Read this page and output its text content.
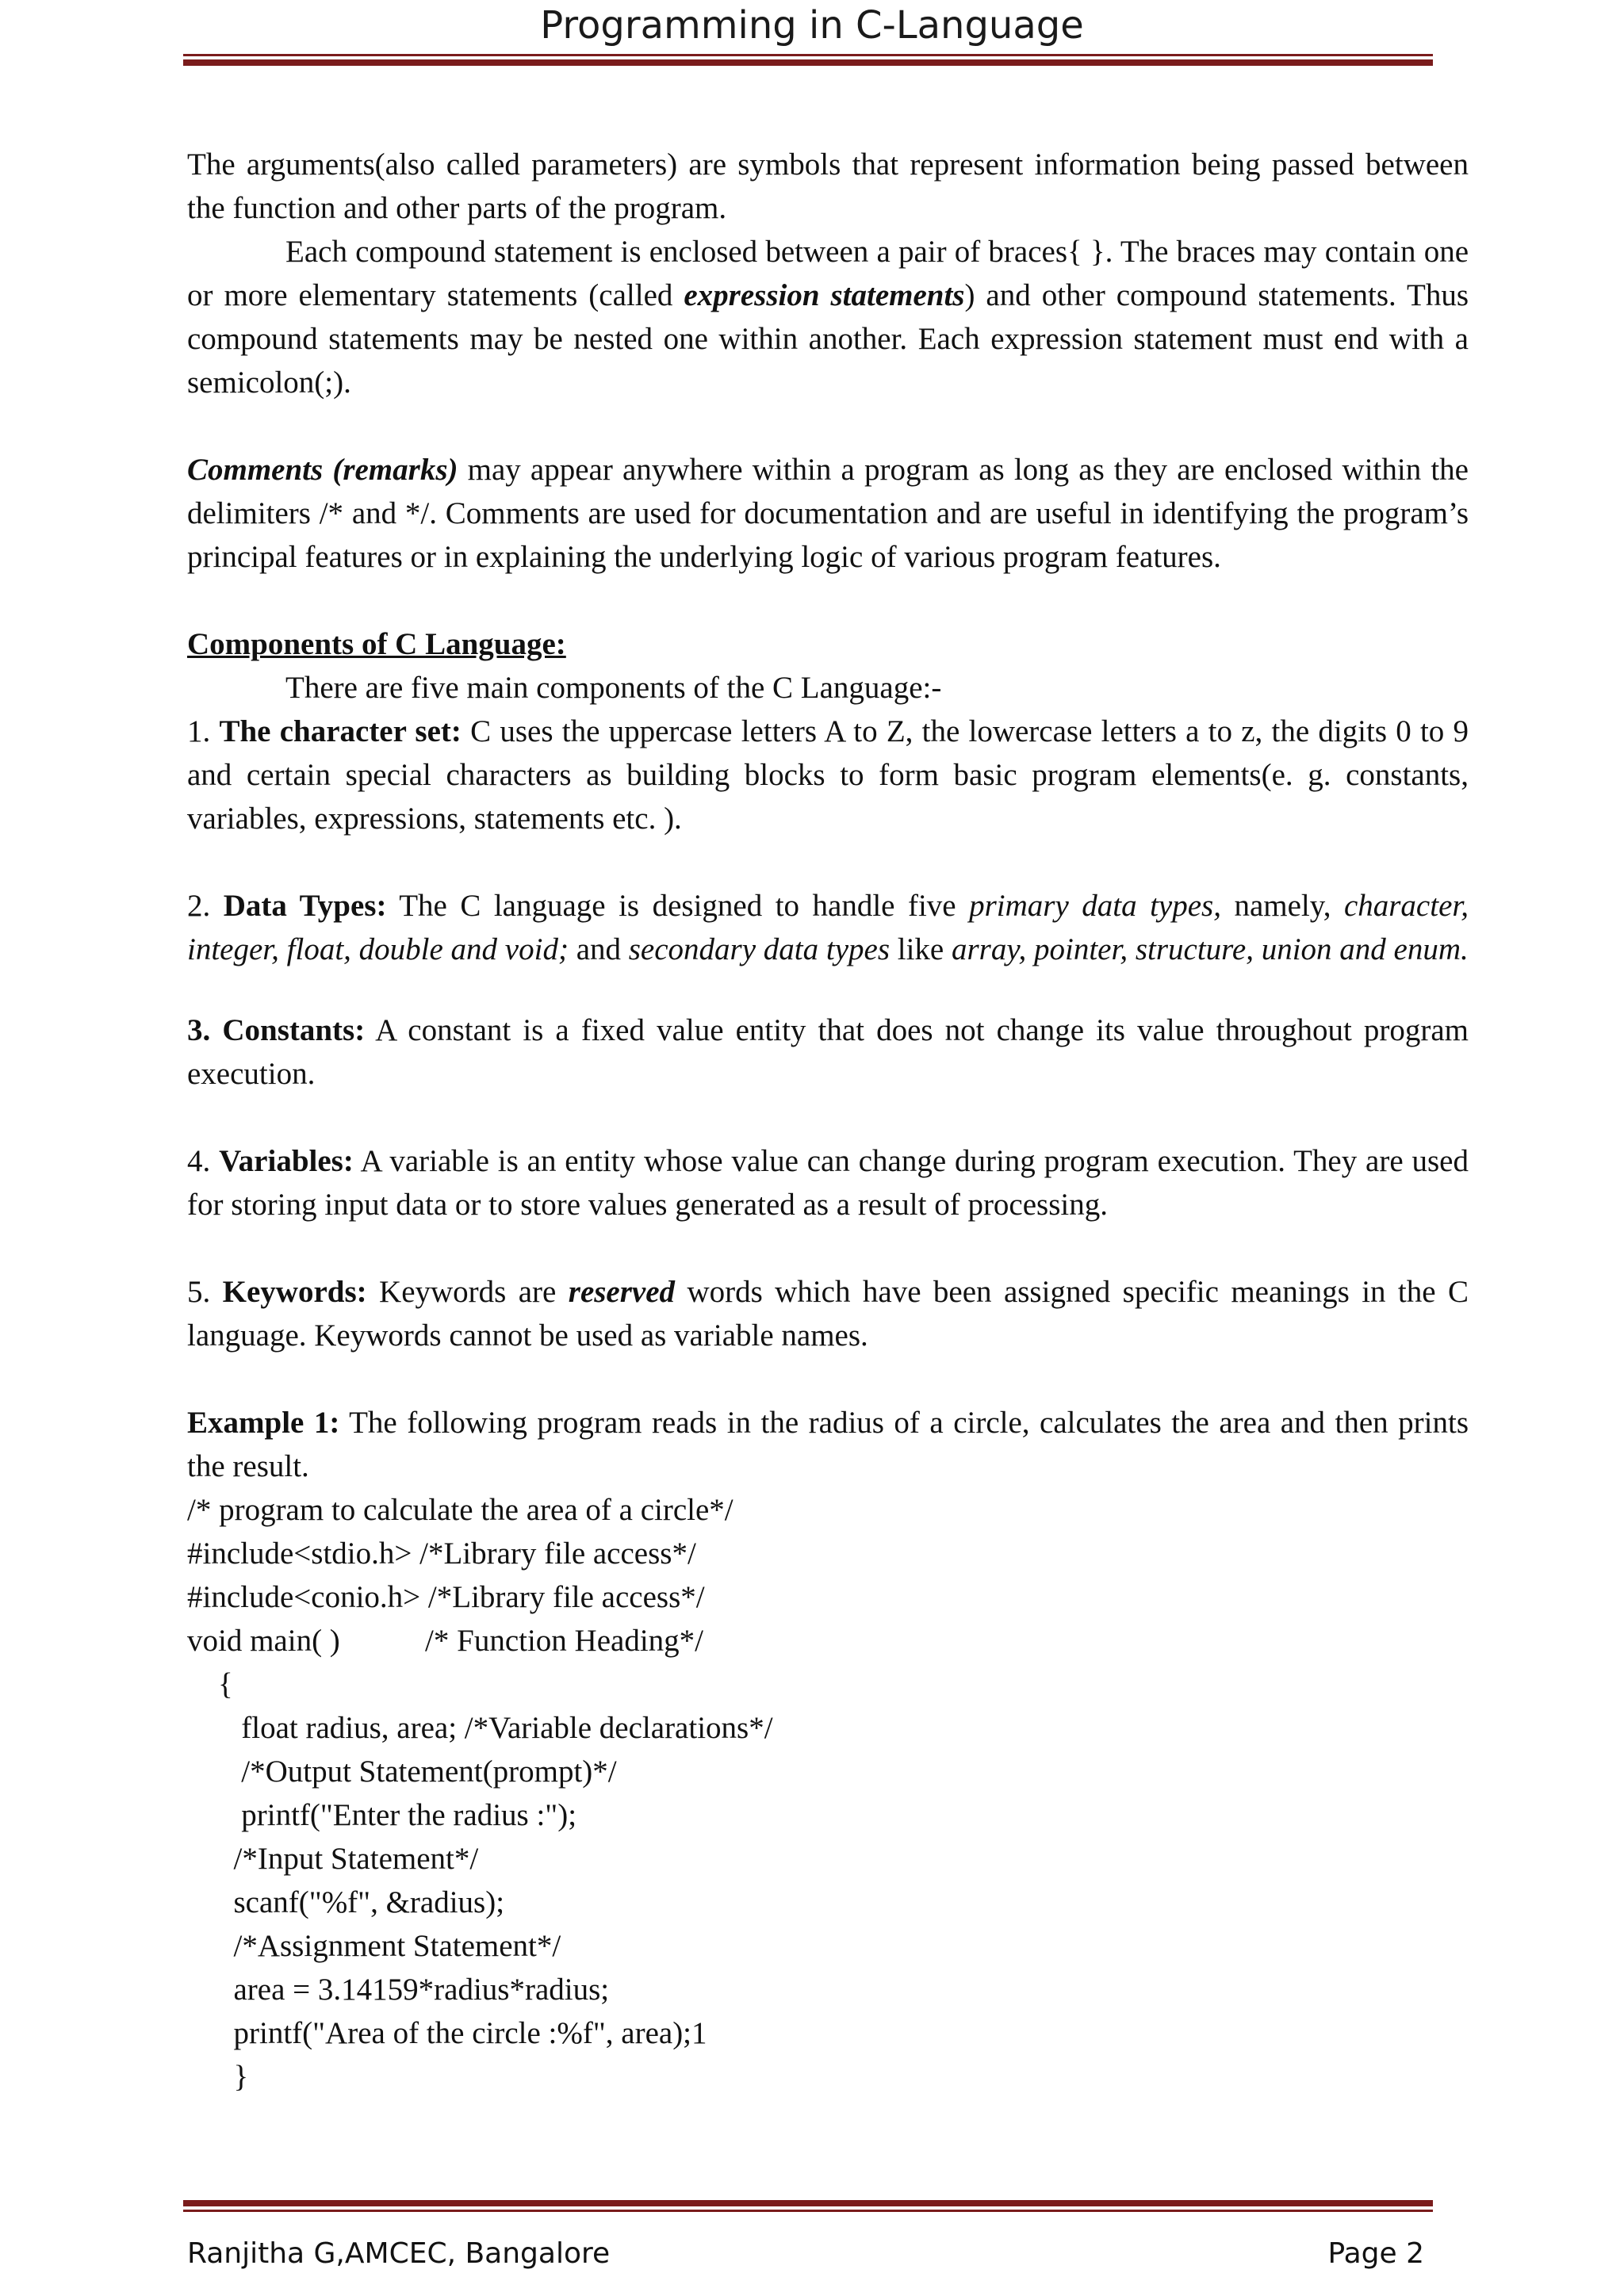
Programming in C-Language

The arguments(also called parameters) are symbols that represent information being passed between the function and other parts of the program.

Each compound statement is enclosed between a pair of braces{ }. The braces may contain one or more elementary statements (called expression statements) and other compound statements. Thus compound statements may be nested one within another. Each expression statement must end with a semicolon(;).

Comments (remarks) may appear anywhere within a program as long as they are enclosed within the delimiters /* and */. Comments are used for documentation and are useful in identifying the program’s principal features or in explaining the underlying logic of various program features.

Components of C Language:

There are five main components of the C Language:-

1. The character set: C uses the uppercase letters A to Z, the lowercase letters a to z, the digits 0 to 9 and certain special characters as building blocks to form basic program elements(e. g. constants, variables, expressions, statements etc. ).

2. Data Types: The C language is designed to handle five primary data types, namely, character, integer, float, double and void; and secondary data types like array, pointer, structure, union and enum.

3. Constants: A constant is a fixed value entity that does not change its value throughout program execution.

4. Variables: A variable is an entity whose value can change during program execution. They are used for storing input data or to store values generated as a result of processing.

5. Keywords: Keywords are reserved words which have been assigned specific meanings in the C language. Keywords cannot be used as variable names.

Example 1: The following program reads in the radius of a circle, calculates the area and then prints the result.

/* program to calculate the area of a circle*/
#include<stdio.h> /*Library file access*/
#include<conio.h> /*Library file access*/
void main( )           /* Function Heading*/
{
float radius, area; /*Variable declarations*/
/*Output Statement(prompt)*/
printf("Enter the radius :");
/*Input Statement*/
scanf("%f", &radius);
/*Assignment Statement*/
area = 3.14159*radius*radius;
printf("Area of the circle :%f", area);1
}
Ranjitha G,AMCEC, Bangalore	Page 2
